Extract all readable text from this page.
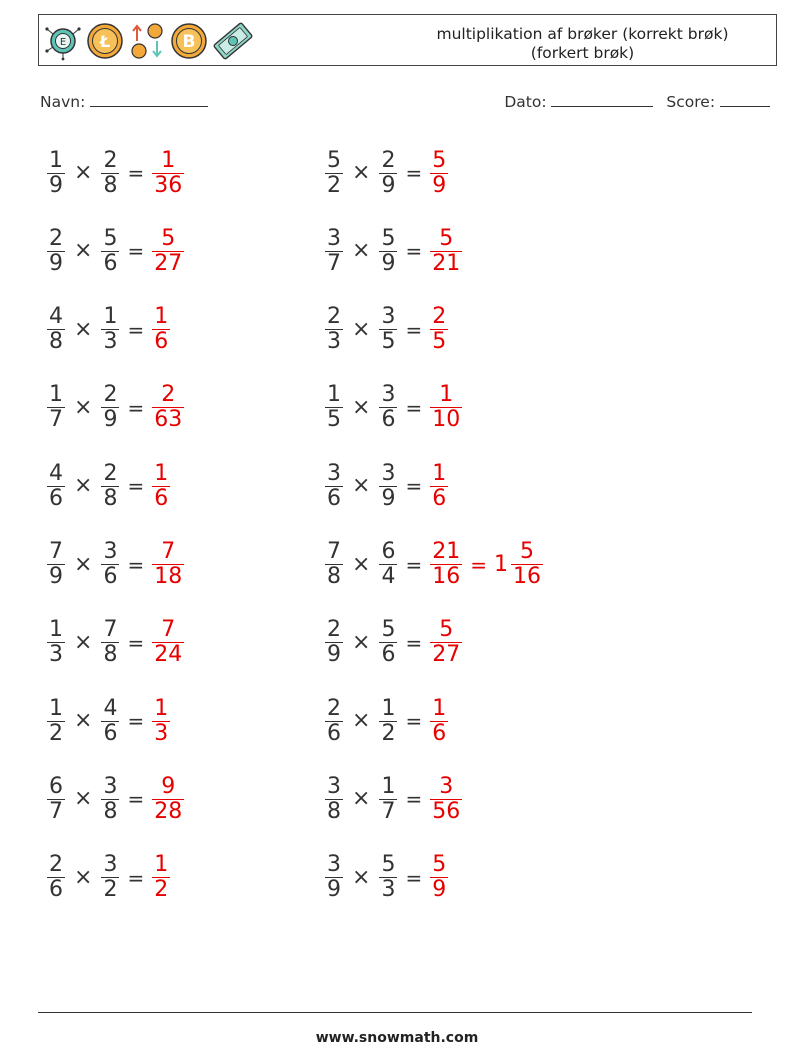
E Ł	B	multiplikation af brøker (korrekt brøk)
(forkert brøk)
Navn:	Dato:	Score:
$\frac{1}{9} \times \frac{2}{8} = \frac{1}{36}$	$\frac{5}{2} \times \frac{2}{9} = \frac{5}{9}$
$\frac{2}{9} \times \frac{5}{6} = \frac{5}{27}$	$\frac{3}{7} \times \frac{5}{9} = \frac{5}{21}$
$\frac{4}{8} \times \frac{1}{3} = \frac{1}{6}$	$\frac{2}{3} \times \frac{3}{5} = \frac{2}{5}$
$\frac{1}{7} \times \frac{2}{9} = \frac{2}{63}$	$\frac{1}{5} \times \frac{3}{6} = \frac{1}{10}$
$\frac{4}{6} \times \frac{2}{8} = \frac{1}{6}$	$\frac{3}{6} \times \frac{3}{9} = \frac{1}{6}$
$\frac{7}{9} \times \frac{3}{6} = \frac{7}{18}$	$\frac{7}{8} \times \frac{6}{4} = \frac{21}{16} = 1 \frac{5}{16}$
$\frac{1}{3} \times \frac{7}{8} = \frac{7}{24}$	$\frac{2}{9} \times \frac{5}{6} = \frac{5}{27}$
$\frac{1}{2} \times \frac{4}{6} = \frac{1}{3}$	$\frac{2}{6} \times \frac{1}{2} = \frac{1}{6}$
$\frac{6}{7} \times \frac{3}{8} = \frac{9}{28}$	$\frac{3}{8} \times \frac{1}{7} = \frac{3}{56}$
$\frac{2}{6} \times \frac{3}{2} = \frac{1}{2}$	$\frac{3}{9} \times \frac{5}{3} = \frac{5}{9}$
www.snowmath.com
